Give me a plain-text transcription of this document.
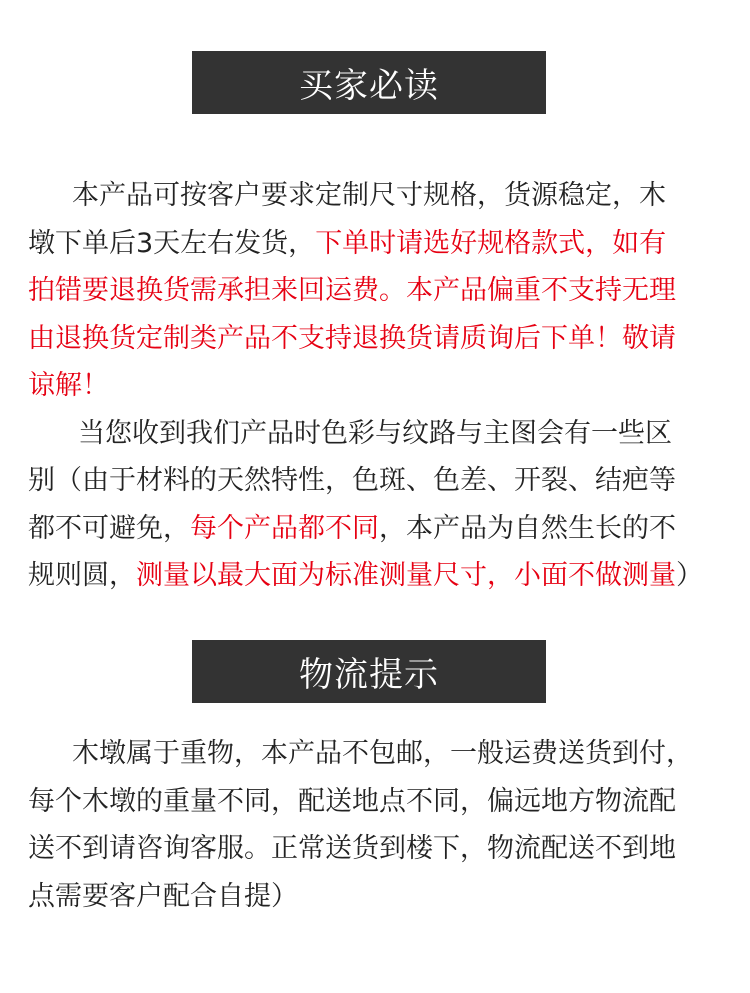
买家必读
本产品可按客户要求定制尺寸规格，货源稳定，木
墩下单后3天左右发货，下单时请选好规格款式，如有
拍错要退换货需承担来回运费。本产品偏重不支持无理
由退换货定制类产品不支持退换货请质询后下单！敬请
谅解！
当您收到我们产品时色彩与纹路与主图会有一些区
别（由于材料的天然特性，色斑、色差、开裂、结疤等
都不可避免，每个产品都不同，本产品为自然生长的不
规则圆，测量以最大面为标准测量尺寸，小面不做测量）
物流提示
木墩属于重物，本产品不包邮，一般运费送货到付，
每个木墩的重量不同，配送地点不同，偏远地方物流配
送不到请咨询客服。正常送货到楼下，物流配送不到地
点需要客户配合自提）
